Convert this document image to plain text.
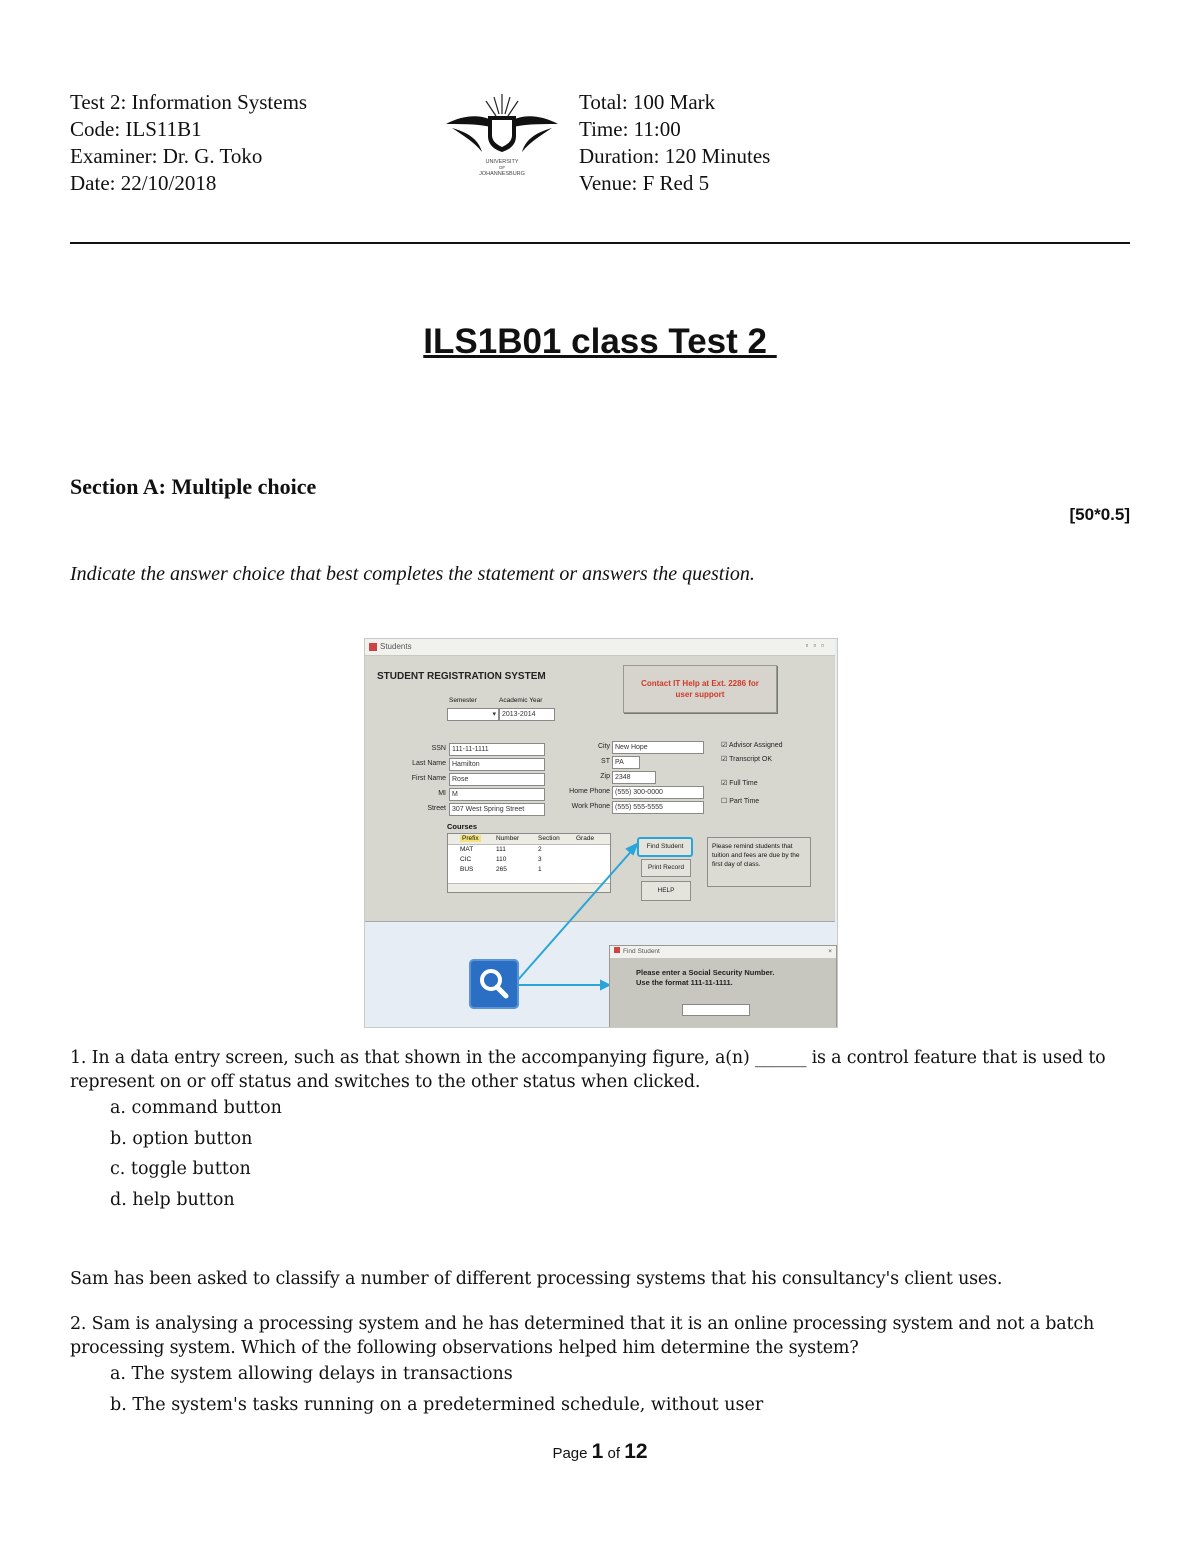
Test 2: Information Systems
Code: ILS11B1
Examiner: Dr. G. Toko
Date: 22/10/2018
UNIVERSITY
OF
JOHANNESBURG
Total: 100 Mark
Time: 11:00
Duration: 120 Minutes
Venue: F Red 5
ILS1B01 class Test 2
Section A: Multiple choice
[50*0.5]
Indicate the answer choice that best completes the statement or answers the question.
Students	▫▫▫
STUDENT REGISTRATION SYSTEM
Contact IT Help at Ext. 2286 for
user support
Semester	Academic Year
▾ 2013-2014
SSN 111-11-1111
Last Name Hamilton
First Name Rose
MI M
Street 307 West Spring Street
City New Hope
ST PA
Zip 2348
Home Phone (555) 300-0000
Work Phone (555) 555-5555
☑ Advisor Assigned
☑ Transcript OK
☑ Full Time
☐ Part Time
Courses
Prefix	Number	Section	Grade
MAT	111	2
CIC	110	3
BUS	265	1
Find Student
Print Record
HELP
Please remind students that tuition and fees are due by the first day of class.
Find Student	×
Please enter a Social Security Number.
Use the format 111-11-1111.
1. In a data entry screen, such as that shown in the accompanying figure, a(n) ______ is a control feature that is used to
represent on or off status and switches to the other status when clicked.
a. command button
b. option button
c. toggle button
d. help button
Sam has been asked to classify a number of different processing systems that his consultancy's client uses.
2. Sam is analysing a processing system and he has determined that it is an online processing system and not a batch
processing system. Which of the following observations helped him determine the system?
a. The system allowing delays in transactions
b. The system's tasks running on a predetermined schedule, without user
Page 1 of 12
